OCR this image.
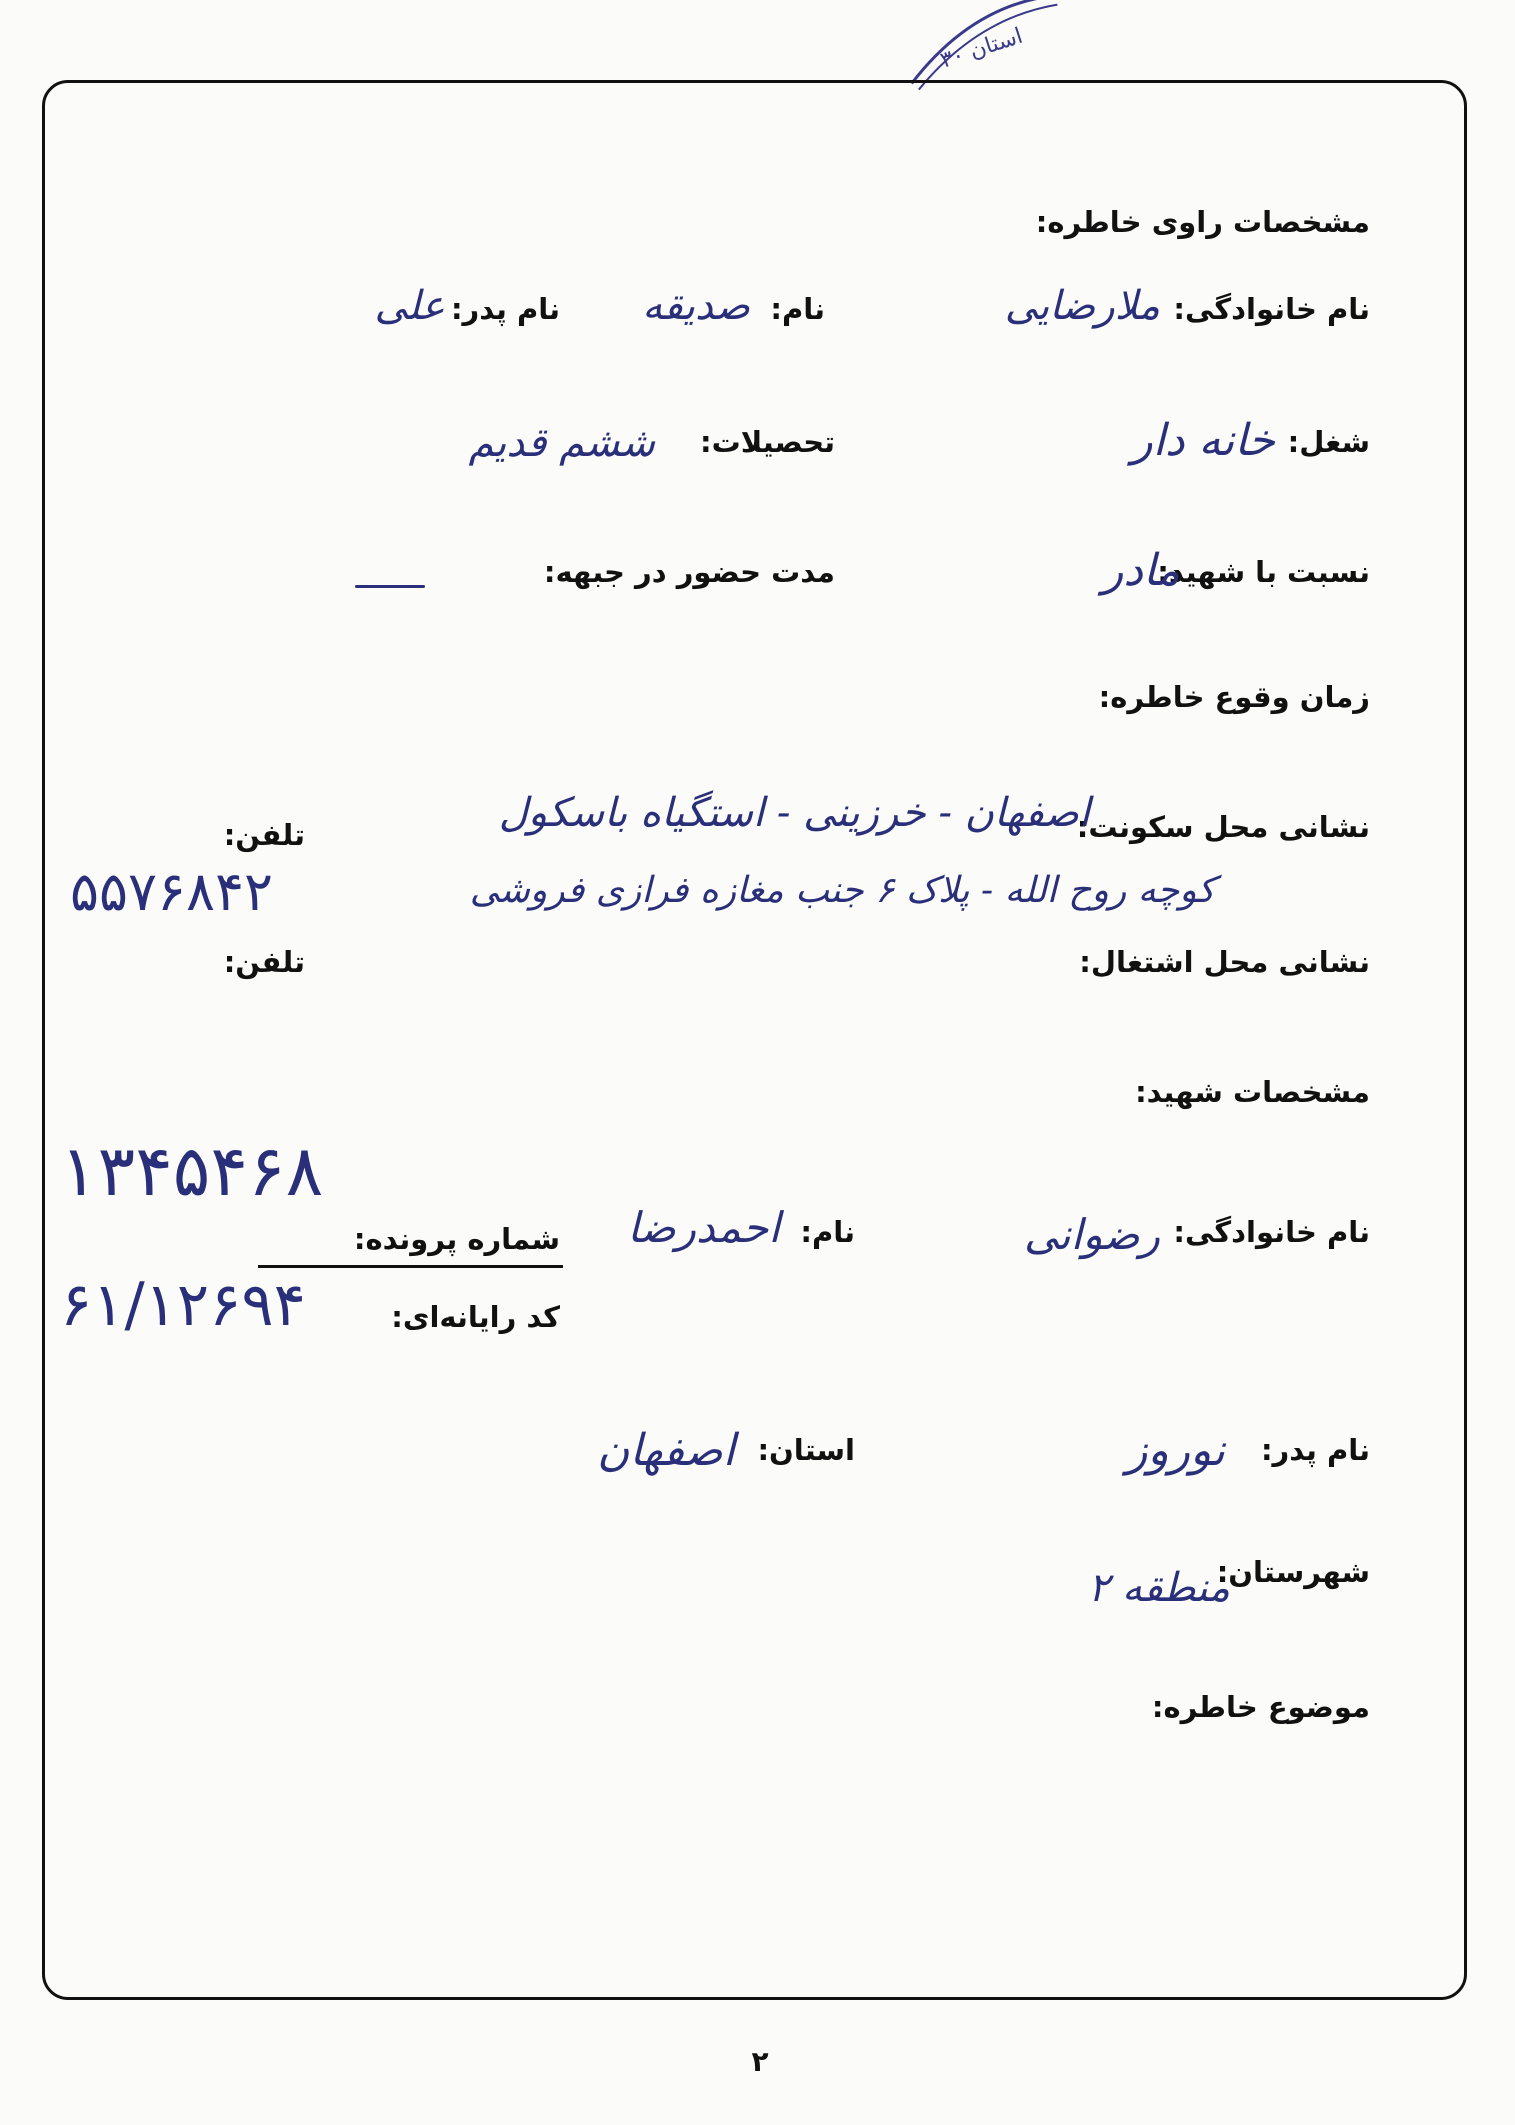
استان ۳۰
مشخصات راوی خاطره:
نام خانوادگی:
ملارضایی
نام:
صدیقه
نام پدر:
علی
شغل:
خانه دار
تحصیلات:
ششم قدیم
نسبت با شهید:
مادر
مدت حضور در جبهه:
زمان وقوع خاطره:
نشانی محل سکونت:
اصفهان - خرزینی - استگیاه باسکول
کوچه روح الله - پلاک ۶ جنب مغازه فرازی فروشی
تلفن:
۵۵۷۶۸۴۲
نشانی محل اشتغال:
تلفن:
مشخصات شهید:
۱۳۴۵۴۶۸
نام خانوادگی:
رضوانی
نام:
احمدرضا
شماره پرونده:
کد رایانه‌ای:
۶۱/۱۲۶۹۴
نام پدر:
نوروز
استان:
اصفهان
شهرستان:
منطقه ۲
موضوع خاطره:
۲
